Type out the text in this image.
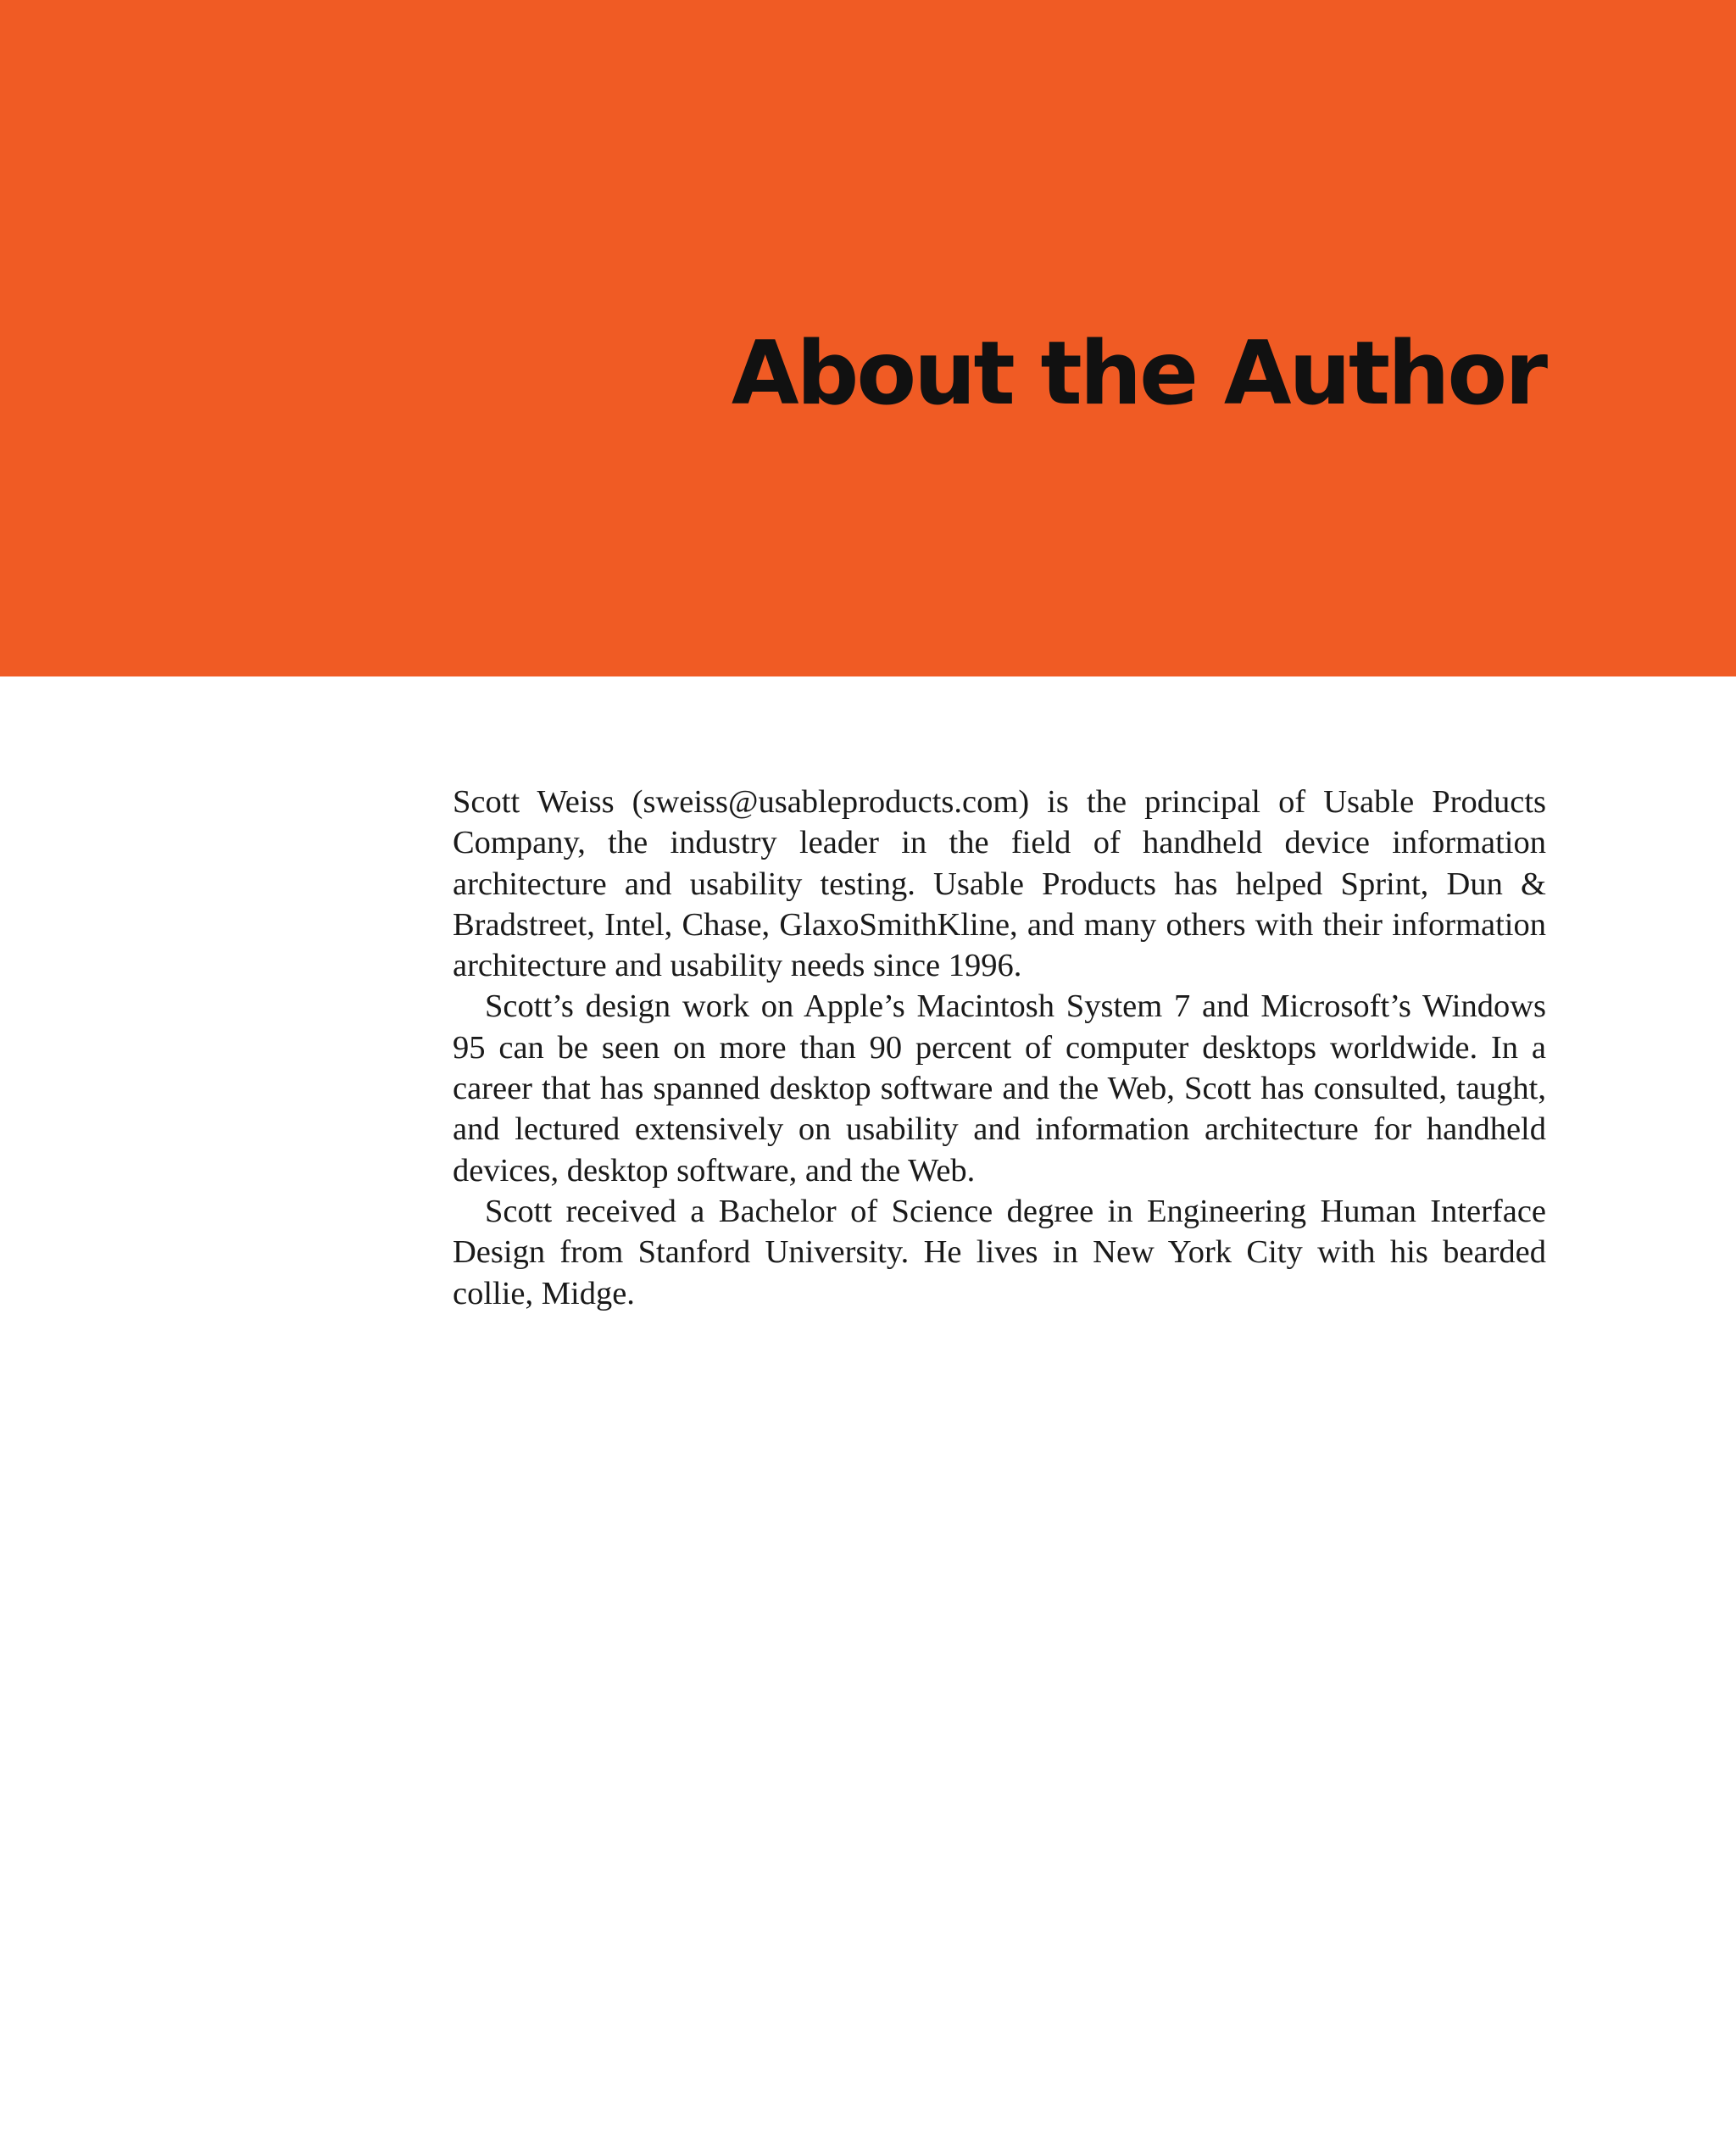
About the Author

Scott Weiss (sweiss@usableproducts.com) is the principal of Usable Products Company, the industry leader in the field of handheld device information architecture and usability testing. Usable Products has helped Sprint, Dun & Bradstreet, Intel, Chase, GlaxoSmithKline, and many others with their information architecture and usability needs since 1996.

Scott’s design work on Apple’s Macintosh System 7 and Microsoft’s Windows 95 can be seen on more than 90 percent of computer desktops worldwide. In a career that has spanned desktop software and the Web, Scott has consulted, taught, and lectured extensively on usability and information architecture for handheld devices, desktop software, and the Web.

Scott received a Bachelor of Science degree in Engineering Human Interface Design from Stanford University. He lives in New York City with his bearded collie, Midge.
